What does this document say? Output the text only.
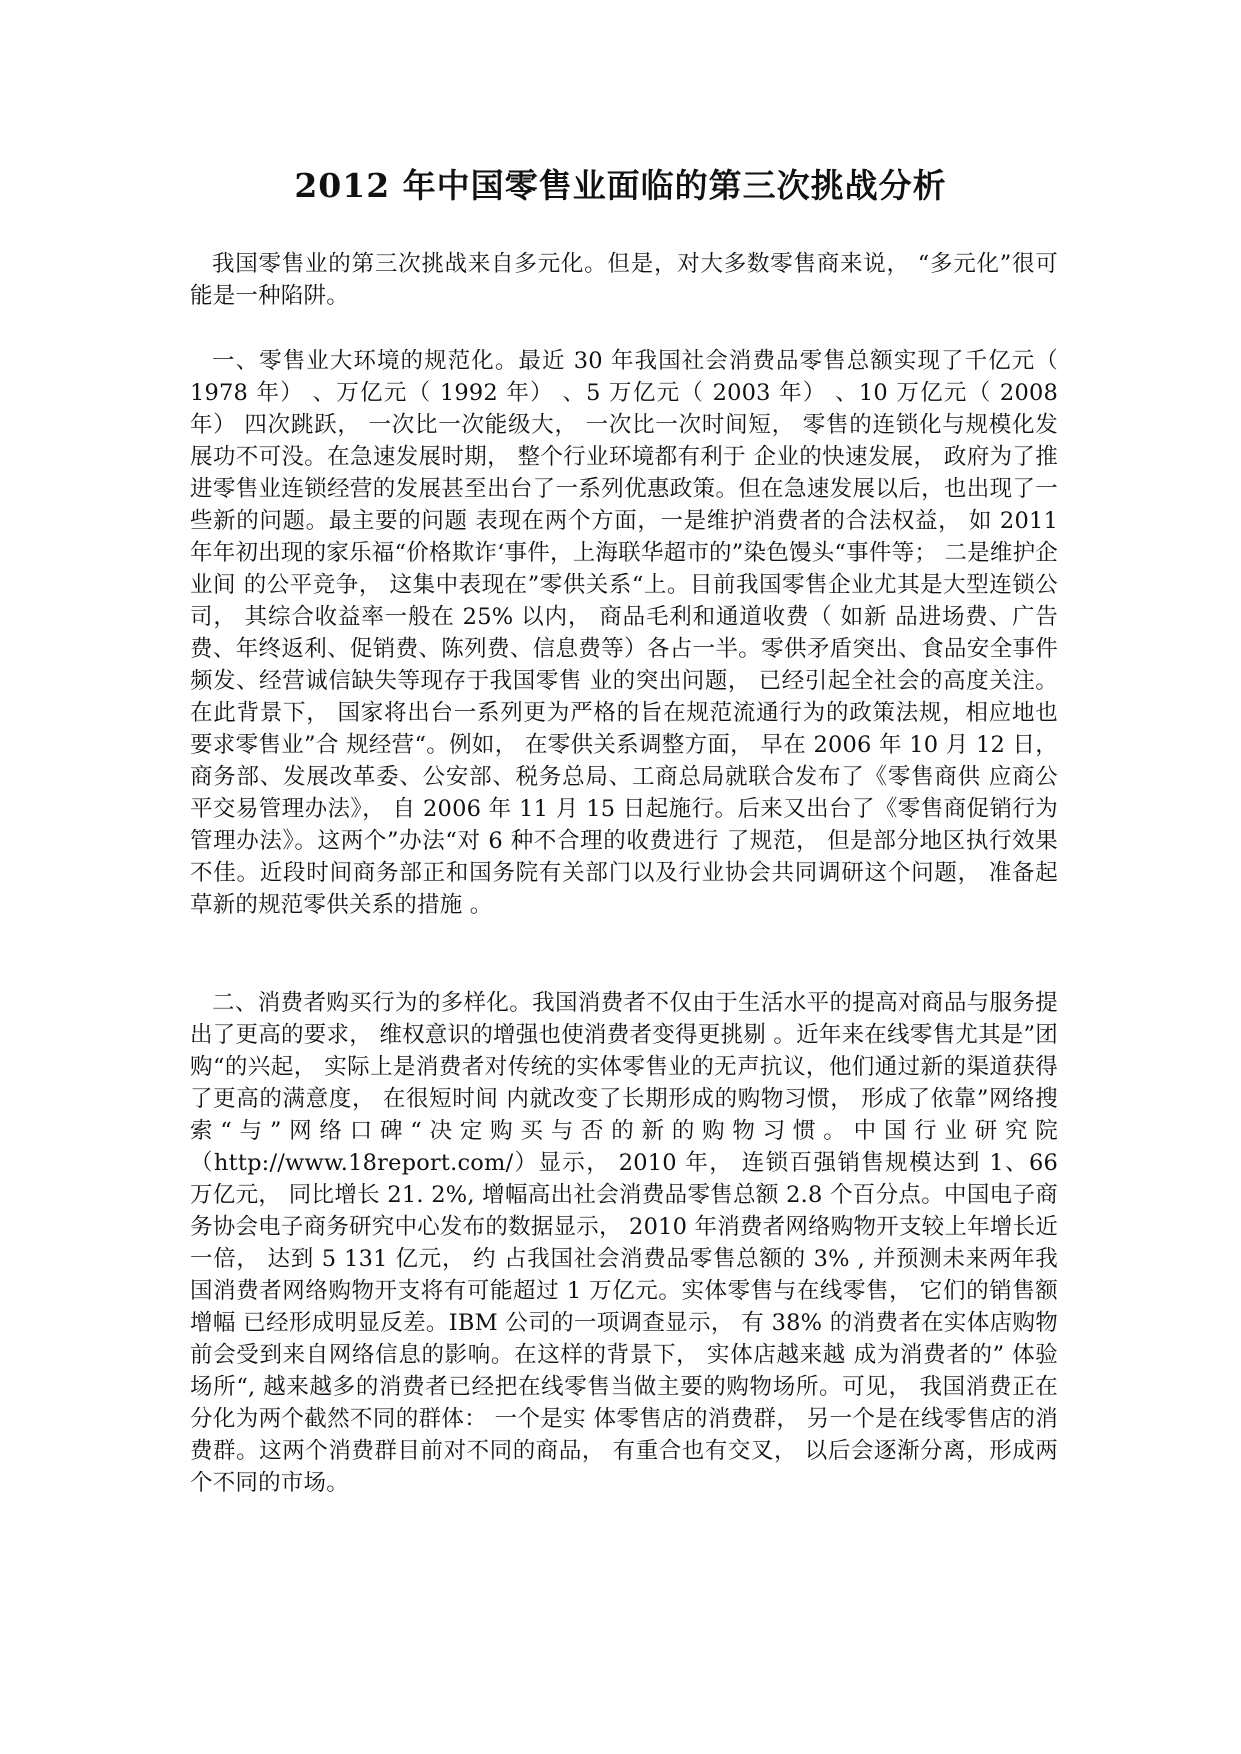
2012 年中国零售业面临的第三次挑战分析

我国零售业的第三次挑战来自多元化。但是，对大多数零售商来说， “多元化”很可能是一种陷阱。

一、零售业大环境的规范化。最近 30 年我国社会消费品零售总额实现了千亿元（ 1978 年） 、万亿元（ 1992 年） 、5 万亿元（ 2003 年） 、10 万亿元（ 2008 年） 四次跳跃， 一次比一次能级大， 一次比一次时间短， 零售的连锁化与规模化发展功不可没。在急速发展时期， 整个行业环境都有利于 企业的快速发展， 政府为了推进零售业连锁经营的发展甚至出台了一系列优惠政策。但在急速发展以后，也出现了一些新的问题。最主要的问题 表现在两个方面，一是维护消费者的合法权益， 如 2011 年年初出现的家乐福“价格欺诈‘事件，上海联华超市的”染色馒头“事件等； 二是维护企业间 的公平竞争， 这集中表现在”零供关系“上。目前我国零售企业尤其是大型连锁公司， 其综合收益率一般在 25% 以内， 商品毛利和通道收费（ 如新 品进场费、广告费、年终返利、促销费、陈列费、信息费等）各占一半。零供矛盾突出、食品安全事件频发、经营诚信缺失等现存于我国零售 业的突出问题， 已经引起全社会的高度关注。在此背景下， 国家将出台一系列更为严格的旨在规范流通行为的政策法规，相应地也要求零售业”合 规经营“。例如， 在零供关系调整方面， 早在 2006 年 10 月 12 日， 商务部、发展改革委、公安部、税务总局、工商总局就联合发布了《零售商供 应商公平交易管理办法》， 自 2006 年 11 月 15 日起施行。后来又出台了《零售商促销行为管理办法》。这两个”办法“对 6 种不合理的收费进行 了规范， 但是部分地区执行效果不佳。近段时间商务部正和国务院有关部门以及行业协会共同调研这个问题， 准备起草新的规范零供关系的措施 。

二、消费者购买行为的多样化。我国消费者不仅由于生活水平的提高对商品与服务提出了更高的要求， 维权意识的增强也使消费者变得更挑剔 。近年来在线零售尤其是”团购“的兴起， 实际上是消费者对传统的实体零售业的无声抗议，他们通过新的渠道获得了更高的满意度， 在很短时间 内就改变了长期形成的购物习惯， 形成了依靠”网络搜索“与”网络口碑“决定购买与否的新的购物习惯。中国行业研究院 （http://www.18report.com/）显示， 2010 年， 连锁百强销售规模达到 1、66 万亿元， 同比增长 21. 2%, 增幅高出社会消费品零售总额 2.8 个百分点。中国电子商务协会电子商务研究中心发布的数据显示， 2010 年消费者网络购物开支较上年增长近一倍， 达到 5 131 亿元， 约 占我国社会消费品零售总额的 3% , 并预测未来两年我国消费者网络购物开支将有可能超过 1 万亿元。实体零售与在线零售， 它们的销售额增幅 已经形成明显反差。IBM 公司的一项调查显示， 有 38% 的消费者在实体店购物前会受到来自网络信息的影响。在这样的背景下， 实体店越来越 成为消费者的” 体验场所“, 越来越多的消费者已经把在线零售当做主要的购物场所。可见， 我国消费正在分化为两个截然不同的群体： 一个是实 体零售店的消费群， 另一个是在线零售店的消费群。这两个消费群目前对不同的商品， 有重合也有交叉， 以后会逐渐分离，形成两个不同的市场。
